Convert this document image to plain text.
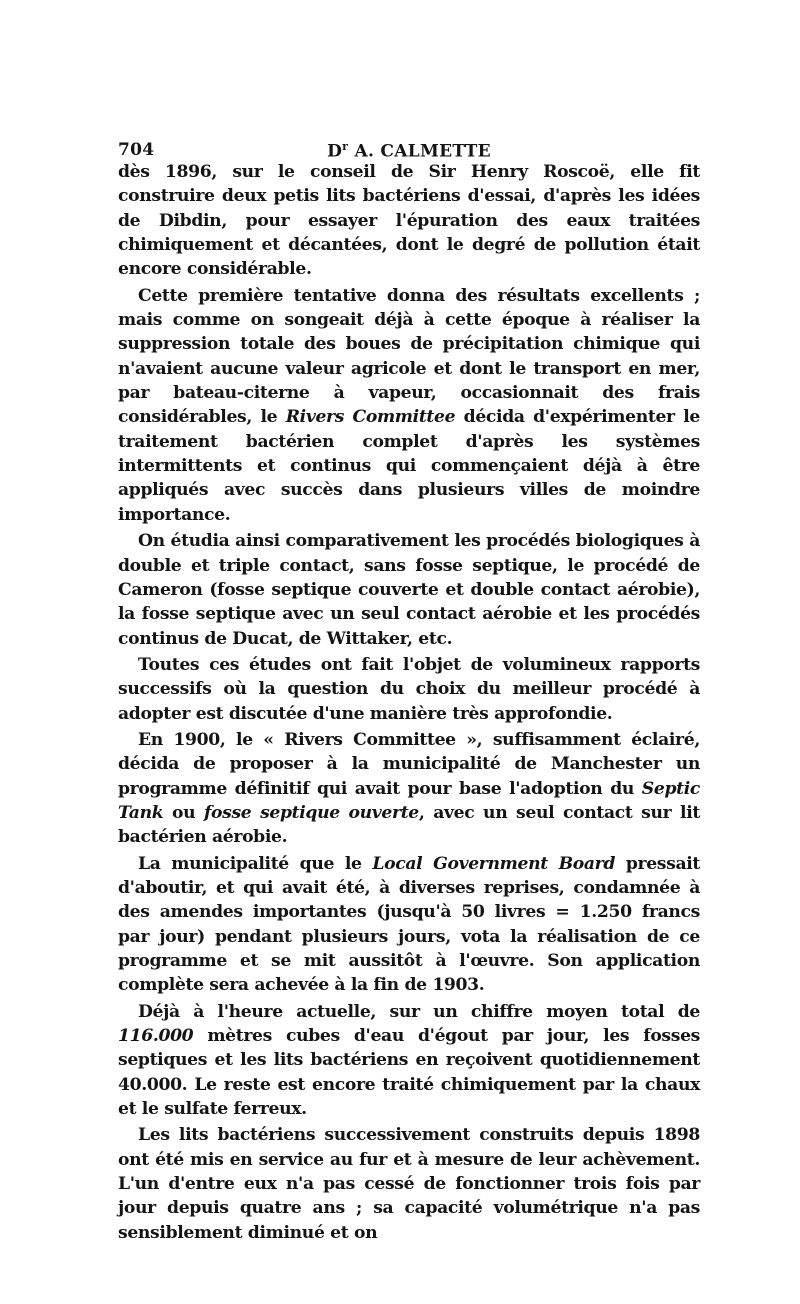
704	$D^r$ A. CALMETTE

dès 1896, sur le conseil de Sir Henry Roscoë, elle fit construire deux petis lits bactériens d'essai, d'après les idées de Dibdin, pour essayer l'épuration des eaux traitées chimiquement et décantées, dont le degré de pollution était encore considérable.

Cette première tentative donna des résultats excellents ; mais comme on songeait déjà à cette époque à réaliser la suppression totale des boues de précipitation chimique qui n'avaient aucune valeur agricole et dont le transport en mer, par bateau-citerne à vapeur, occasionnait des frais considérables, le Rivers Committee décida d'expérimenter le traitement bactérien complet d'après les systèmes intermittents et continus qui commençaient déjà à être appliqués avec succès dans plusieurs villes de moindre importance.

On étudia ainsi comparativement les procédés biologiques à double et triple contact, sans fosse septique, le procédé de Cameron (fosse septique couverte et double contact aérobie), la fosse septique avec un seul contact aérobie et les procédés continus de Ducat, de Wittaker, etc.

Toutes ces études ont fait l'objet de volumineux rapports successifs où la question du choix du meilleur procédé à adopter est discutée d'une manière très approfondie.

En 1900, le « Rivers Committee », suffisamment éclairé, décida de proposer à la municipalité de Manchester un programme définitif qui avait pour base l'adoption du Septic Tank ou fosse septique ouverte, avec un seul contact sur lit bactérien aérobie.

La municipalité que le Local Government Board pressait d'aboutir, et qui avait été, à diverses reprises, condamnée à des amendes importantes (jusqu'à 50 livres = 1.250 francs par jour) pendant plusieurs jours, vota la réalisation de ce programme et se mit aussitôt à l'œuvre. Son application complète sera achevée à la fin de 1903.

Déjà à l'heure actuelle, sur un chiffre moyen total de 116.000 mètres cubes d'eau d'égout par jour, les fosses septiques et les lits bactériens en reçoivent quotidiennement 40.000. Le reste est encore traité chimiquement par la chaux et le sulfate ferreux.

Les lits bactériens successivement construits depuis 1898 ont été mis en service au fur et à mesure de leur achèvement. L'un d'entre eux n'a pas cessé de fonctionner trois fois par jour depuis quatre ans ; sa capacité volumétrique n'a pas sensiblement diminué et on
